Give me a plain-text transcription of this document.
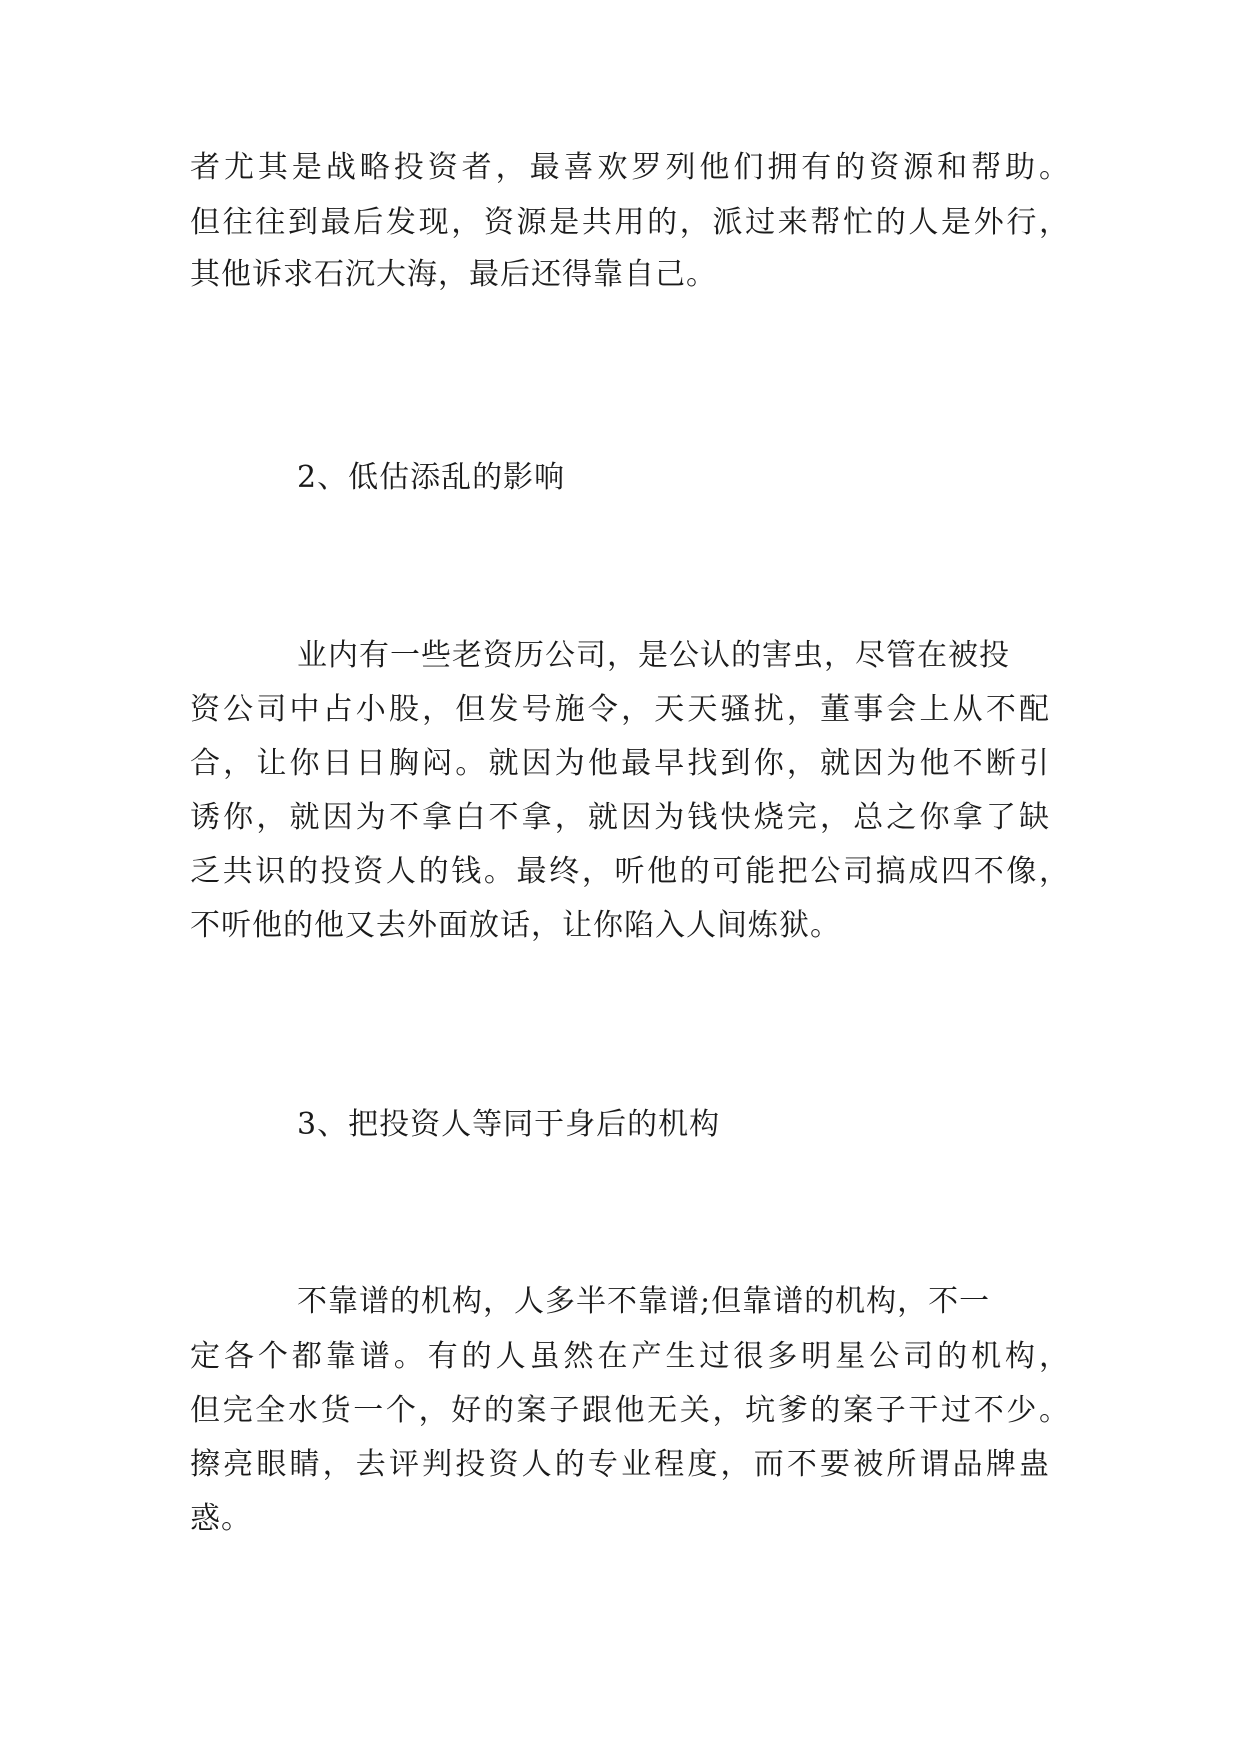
者尤其是战略投资者，最喜欢罗列他们拥有的资源和帮助。
但往往到最后发现，资源是共用的，派过来帮忙的人是外行，
其他诉求石沉大海，最后还得靠自己。
2、低估添乱的影响
业内有一些老资历公司，是公认的害虫，尽管在被投
资公司中占小股，但发号施令，天天骚扰，董事会上从不配
合，让你日日胸闷。就因为他最早找到你，就因为他不断引
诱你，就因为不拿白不拿，就因为钱快烧完，总之你拿了缺
乏共识的投资人的钱。最终，听他的可能把公司搞成四不像，
不听他的他又去外面放话，让你陷入人间炼狱。
3、把投资人等同于身后的机构
不靠谱的机构，人多半不靠谱;但靠谱的机构，不一
定各个都靠谱。有的人虽然在产生过很多明星公司的机构，
但完全水货一个，好的案子跟他无关，坑爹的案子干过不少。
擦亮眼睛，去评判投资人的专业程度，而不要被所谓品牌蛊
惑。
